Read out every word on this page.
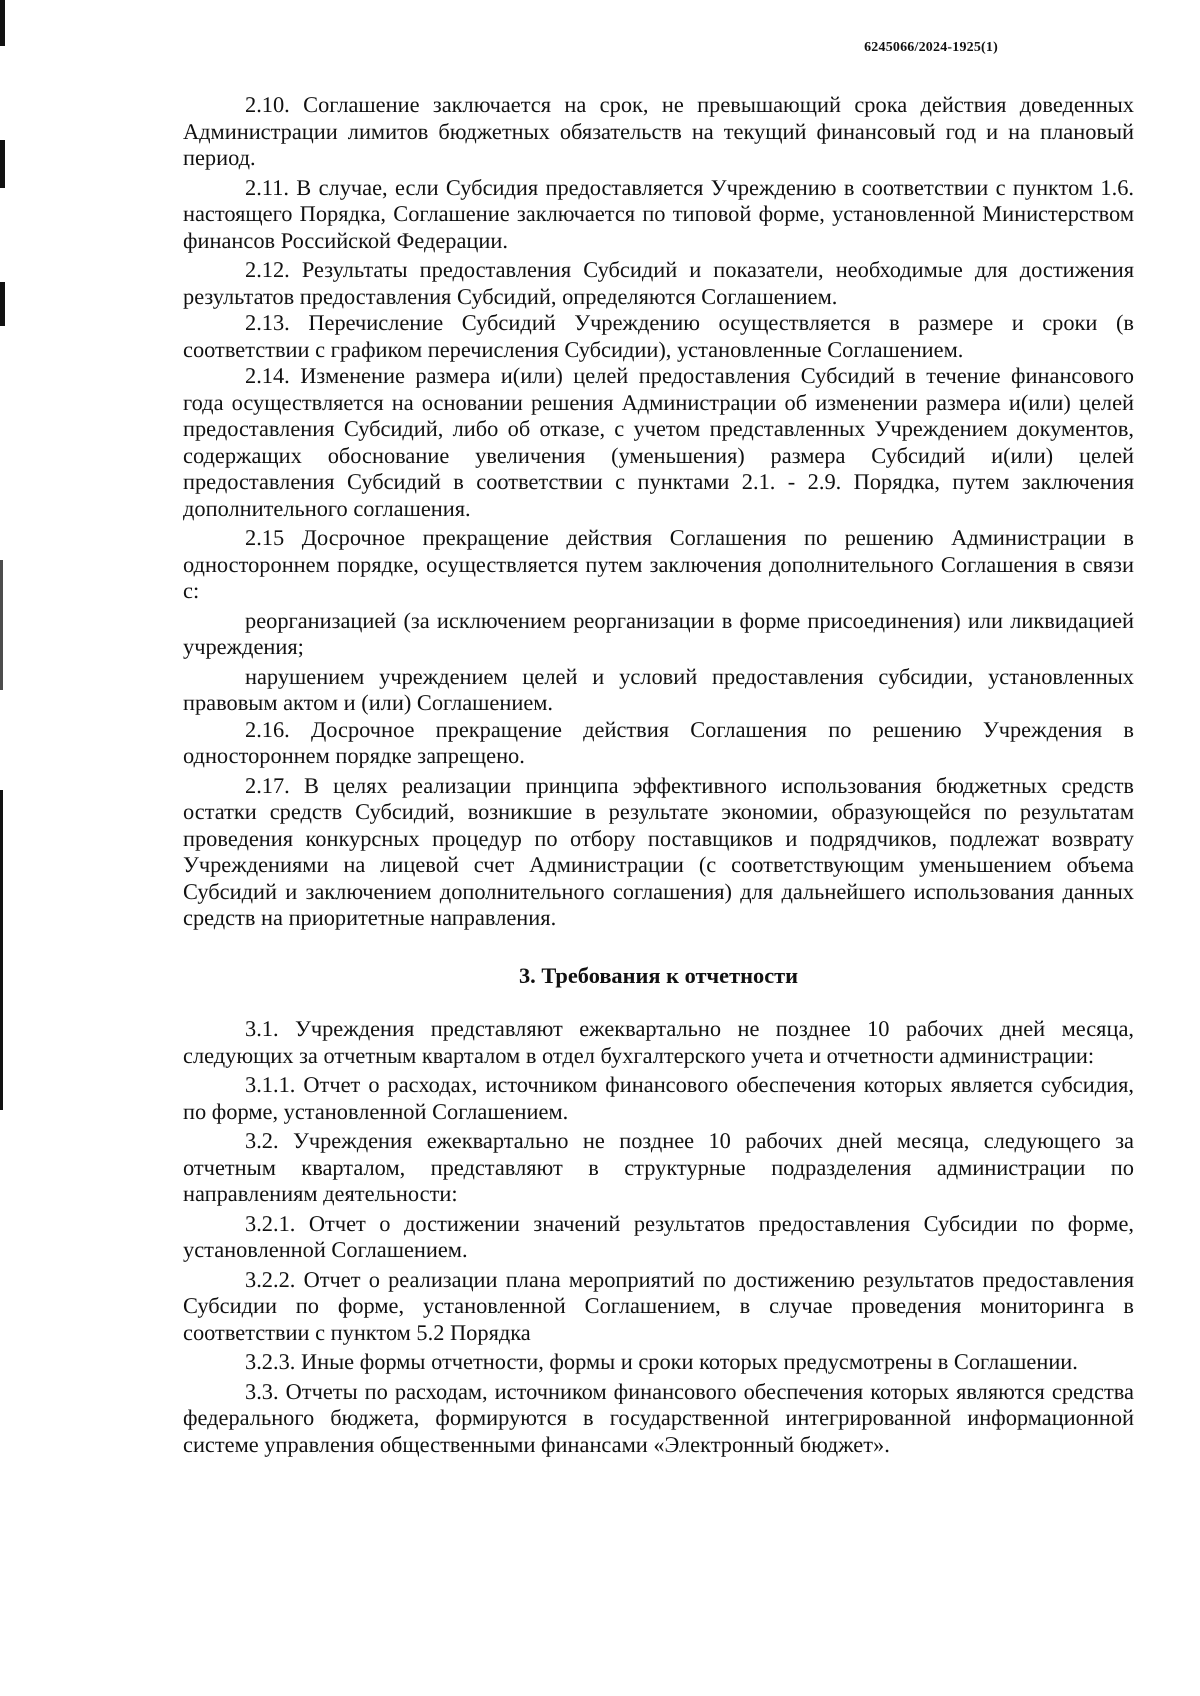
6245066/2024-1925(1)

2.10. Соглашение заключается на срок, не превышающий срока действия доведенных Администрации лимитов бюджетных обязательств на текущий финансовый год и на плановый период.

2.11. В случае, если Субсидия предоставляется Учреждению в соответствии с пунктом 1.6. настоящего Порядка, Соглашение заключается по типовой форме, установленной Министерством финансов Российской Федерации.

2.12. Результаты предоставления Субсидий и показатели, необходимые для достижения результатов предоставления Субсидий, определяются Соглашением.

2.13. Перечисление Субсидий Учреждению осуществляется в размере и сроки (в соответствии с графиком перечисления Субсидии), установленные Соглашением.

2.14. Изменение размера и(или) целей предоставления Субсидий в течение финансового года осуществляется на основании решения Администрации об изменении размера и(или) целей предоставления Субсидий, либо об отказе, с учетом представленных Учреждением документов, содержащих обоснование увеличения (уменьшения) размера Субсидий и(или) целей предоставления Субсидий в соответствии с пунктами 2.1. - 2.9. Порядка, путем заключения дополнительного соглашения.

2.15 Досрочное прекращение действия Соглашения по решению Администрации в одностороннем порядке, осуществляется путем заключения дополнительного Соглашения в связи с:

реорганизацией (за исключением реорганизации в форме присоединения) или ликвидацией учреждения;

нарушением учреждением целей и условий предоставления субсидии, установленных правовым актом и (или) Соглашением.

2.16. Досрочное прекращение действия Соглашения по решению Учреждения в одностороннем порядке запрещено.

2.17. В целях реализации принципа эффективного использования бюджетных средств остатки средств Субсидий, возникшие в результате экономии, образующейся по результатам проведения конкурсных процедур по отбору поставщиков и подрядчиков, подлежат возврату Учреждениями на лицевой счет Администрации (с соответствующим уменьшением объема Субсидий и заключением дополнительного соглашения) для дальнейшего использования данных средств на приоритетные направления.

3. Требования к отчетности

3.1. Учреждения представляют ежеквартально не позднее 10 рабочих дней месяца, следующих за отчетным кварталом в отдел бухгалтерского учета и отчетности администрации:

3.1.1. Отчет о расходах, источником финансового обеспечения которых является субсидия, по форме, установленной Соглашением.

3.2. Учреждения ежеквартально не позднее 10 рабочих дней месяца, следующего за отчетным кварталом, представляют в структурные подразделения администрации по направлениям деятельности:

3.2.1. Отчет о достижении значений результатов предоставления Субсидии по форме, установленной Соглашением.

3.2.2. Отчет о реализации плана мероприятий по достижению результатов предоставления Субсидии по форме, установленной Соглашением, в случае проведения мониторинга в соответствии с пунктом 5.2 Порядка

3.2.3. Иные формы отчетности, формы и сроки которых предусмотрены в Соглашении.

3.3. Отчеты по расходам, источником финансового обеспечения которых являются средства федерального бюджета, формируются в государственной интегрированной информационной системе управления общественными финансами «Электронный бюджет».
